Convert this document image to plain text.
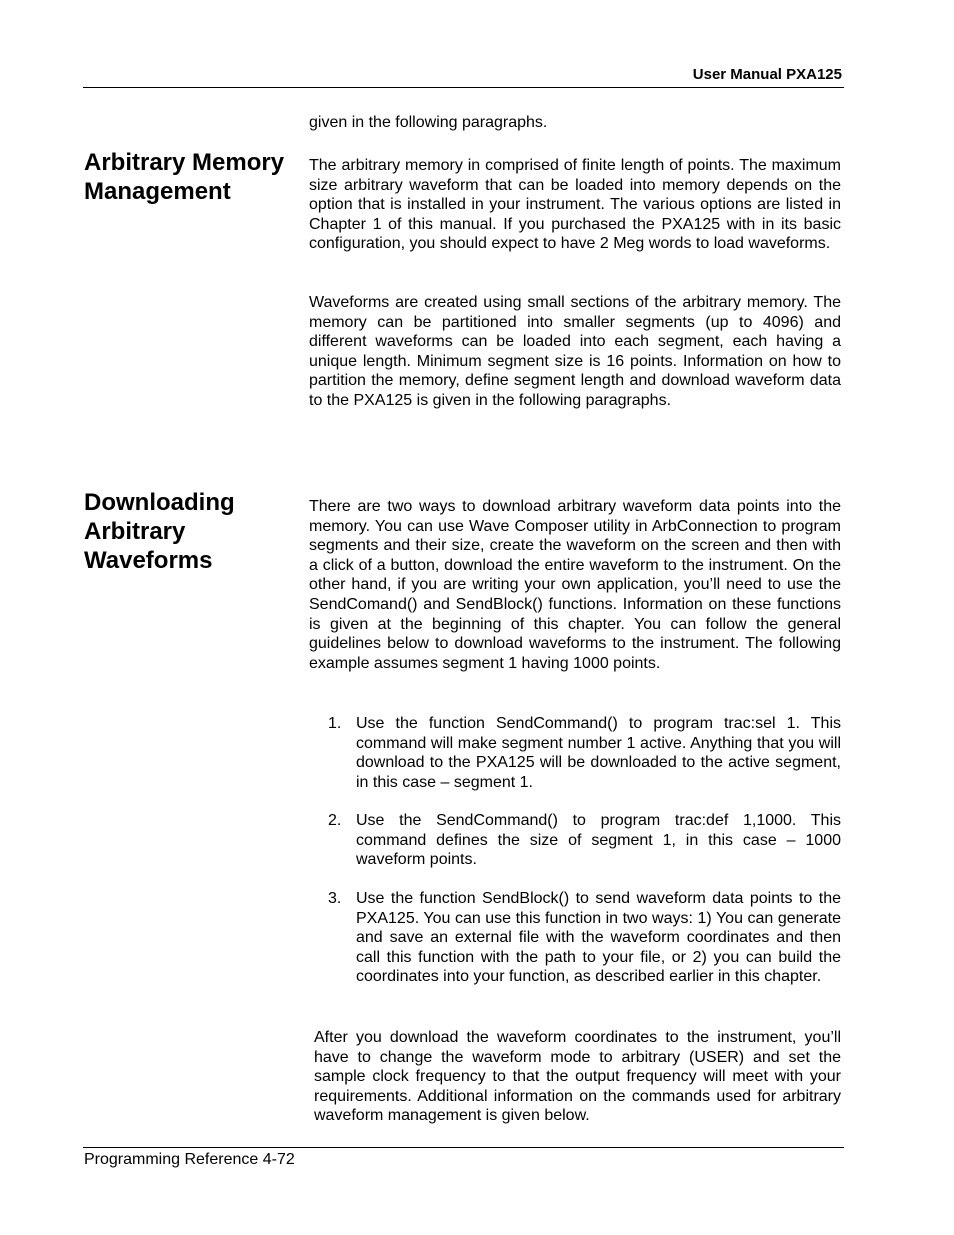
User Manual PXA125
given in the following paragraphs.
Arbitrary Memory Management
The arbitrary memory in comprised of finite length of points. The maximum size arbitrary waveform that can be loaded into memory depends on the option that is installed in your instrument. The various options are listed in Chapter 1 of this manual. If you purchased the PXA125 with in its basic configuration, you should expect to have 2 Meg words to load waveforms.
Waveforms are created using small sections of the arbitrary memory. The memory can be partitioned into smaller segments (up to 4096) and different waveforms can be loaded into each segment, each having a unique length. Minimum segment size is 16 points. Information on how to partition the memory, define segment length and download waveform data to the PXA125 is given in the following paragraphs.
Downloading Arbitrary Waveforms
There are two ways to download arbitrary waveform data points into the memory. You can use Wave Composer utility in ArbConnection to program segments and their size, create the waveform on the screen and then with a click of a button, download the entire waveform to the instrument. On the other hand, if you are writing your own application, you’ll need to use the SendComand() and SendBlock() functions. Information on these functions is given at the beginning of this chapter. You can follow the general guidelines below to download waveforms to the instrument. The following example assumes segment 1 having 1000 points.
1. Use the function SendCommand() to program trac:sel 1. This command will make segment number 1 active. Anything that you will download to the PXA125 will be downloaded to the active segment, in this case – segment 1.
2. Use the SendCommand() to program trac:def 1,1000. This command defines the size of segment 1, in this case – 1000 waveform points.
3. Use the function SendBlock() to send waveform data points to the PXA125. You can use this function in two ways: 1) You can generate and save an external file with the waveform coordinates and then call this function with the path to your file, or 2) you can build the coordinates into your function, as described earlier in this chapter.
After you download the waveform coordinates to the instrument, you’ll have to change the waveform mode to arbitrary (USER) and set the sample clock frequency to that the output frequency will meet with your requirements. Additional information on the commands used for arbitrary waveform management is given below.
Programming Reference 4-72
